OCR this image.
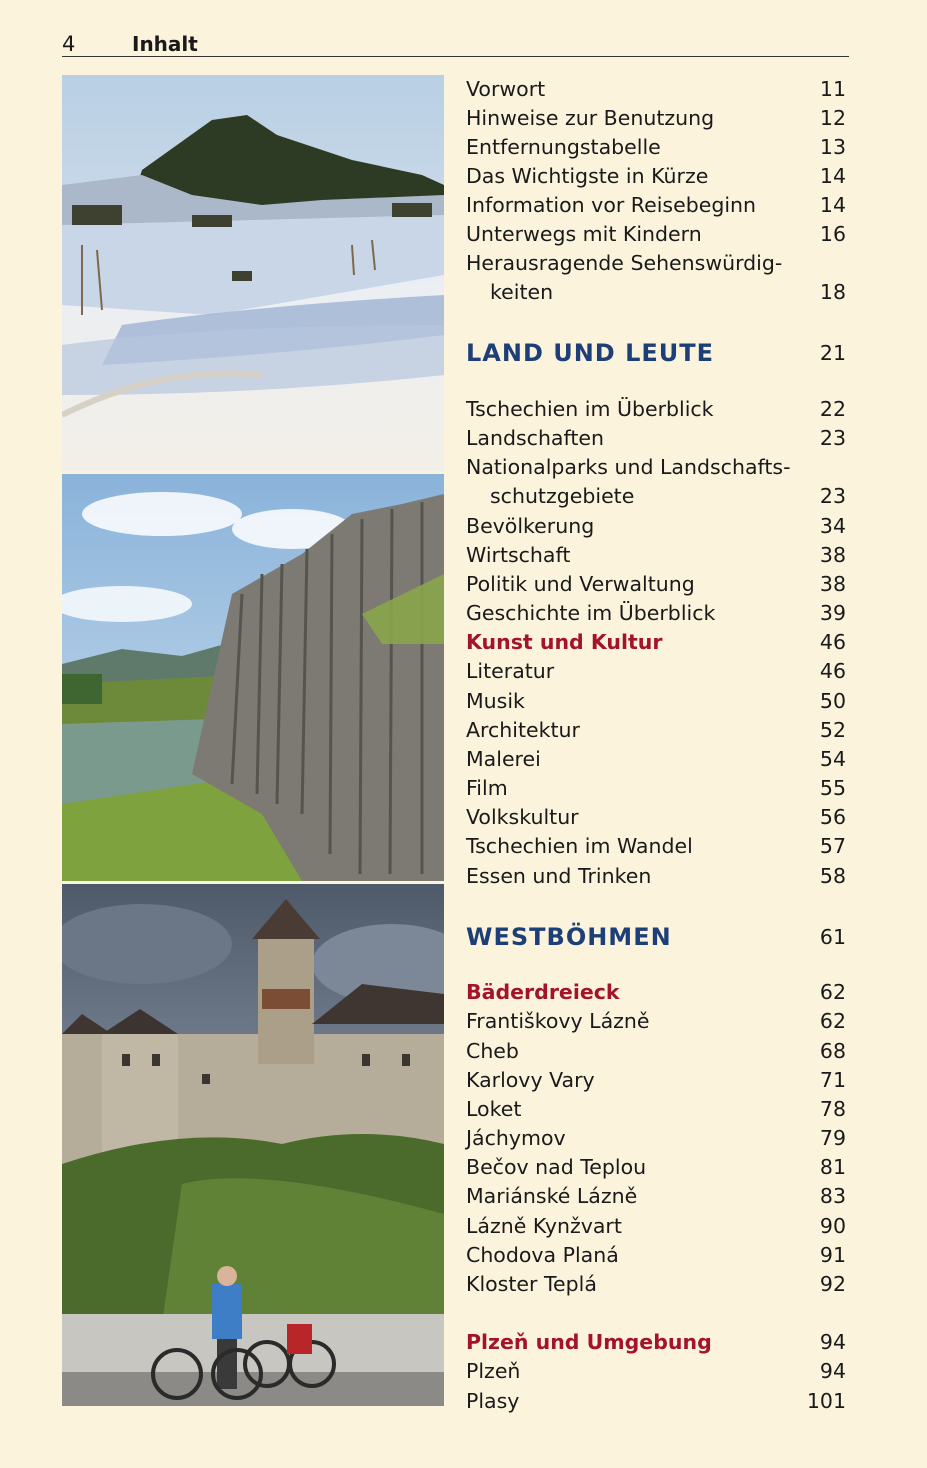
4	Inhalt
Vorwort	11
Hinweise zur Benutzung	12
Entfernungstabelle	13
Das Wichtigste in Kürze	14
Information vor Reisebeginn	14
Unterwegs mit Kindern	16
Herausragende Sehenswürdig-
keiten	18
LAND UND LEUTE	21
Tschechien im Überblick	22
Landschaften	23
Nationalparks und Landschafts-
schutzgebiete	23
Bevölkerung	34
Wirtschaft	38
Politik und Verwaltung	38
Geschichte im Überblick	39
Kunst und Kultur	46
Literatur	46
Musik	50
Architektur	52
Malerei	54
Film	55
Volkskultur	56
Tschechien im Wandel	57
Essen und Trinken	58
WESTBÖHMEN	61
Bäderdreieck	62
Františkovy Lázně	62
Cheb	68
Karlovy Vary	71
Loket	78
Jáchymov	79
Bečov nad Teplou	81
Mariánské Lázně	83
Lázně Kynžvart	90
Chodova Planá	91
Kloster Teplá	92
Plzeň und Umgebung	94
Plzeň	94
Plasy	101
